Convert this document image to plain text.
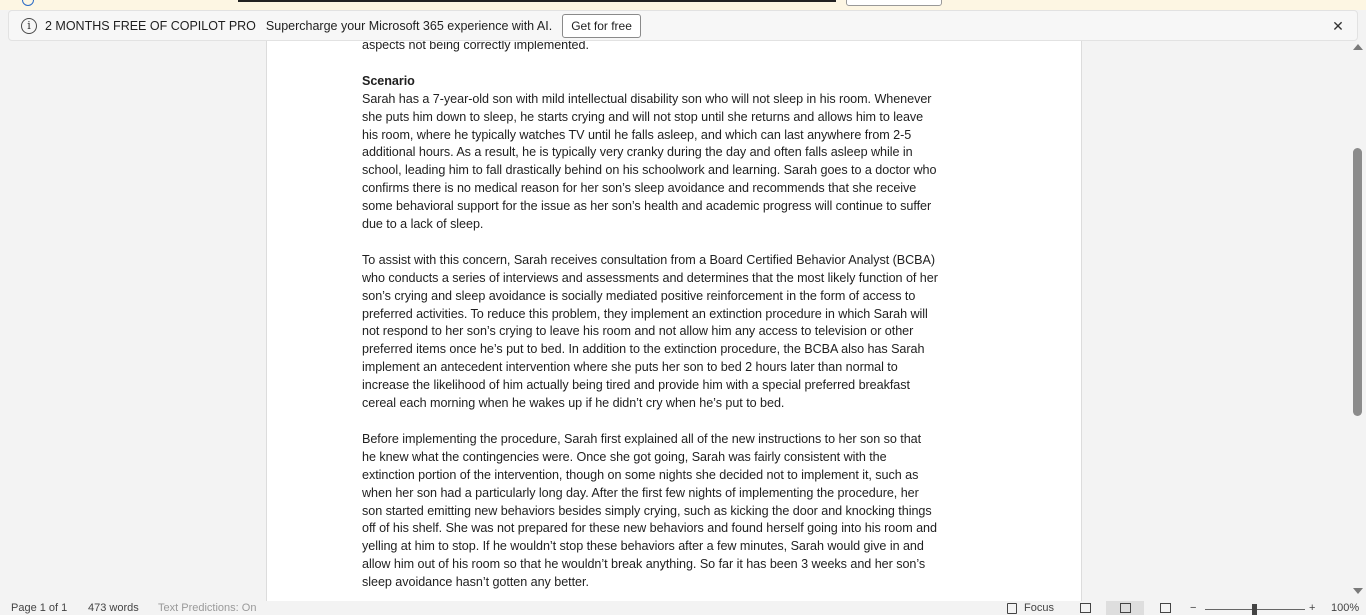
i	2 MONTHS FREE OF COPILOT PRO Supercharge your Microsoft 365 experience with AI.	Get for free	✕

aspects not being correctly implemented.

Scenario

Sarah has a 7-year-old son with mild intellectual disability son who will not sleep in his room. Whenever
she puts him down to sleep, he starts crying and will not stop until she returns and allows him to leave
his room, where he typically watches TV until he falls asleep, and which can last anywhere from 2-5
additional hours. As a result, he is typically very cranky during the day and often falls asleep while in
school, leading him to fall drastically behind on his schoolwork and learning. Sarah goes to a doctor who
confirms there is no medical reason for her son’s sleep avoidance and recommends that she receive
some behavioral support for the issue as her son’s health and academic progress will continue to suffer
due to a lack of sleep.

To assist with this concern, Sarah receives consultation from a Board Certified Behavior Analyst (BCBA)
who conducts a series of interviews and assessments and determines that the most likely function of her
son’s crying and sleep avoidance is socially mediated positive reinforcement in the form of access to
preferred activities. To reduce this problem, they implement an extinction procedure in which Sarah will
not respond to her son’s crying to leave his room and not allow him any access to television or other
preferred items once he’s put to bed. In addition to the extinction procedure, the BCBA also has Sarah
implement an antecedent intervention where she puts her son to bed 2 hours later than normal to
increase the likelihood of him actually being tired and provide him with a special preferred breakfast
cereal each morning when he wakes up if he didn’t cry when he’s put to bed.

Before implementing the procedure, Sarah first explained all of the new instructions to her son so that
he knew what the contingencies were. Once she got going, Sarah was fairly consistent with the
extinction portion of the intervention, though on some nights she decided not to implement it, such as
when her son had a particularly long day. After the first few nights of implementing the procedure, her
son started emitting new behaviors besides simply crying, such as kicking the door and knocking things
off of his shelf. She was not prepared for these new behaviors and found herself going into his room and
yelling at him to stop. If he wouldn’t stop these behaviors after a few minutes, Sarah would give in and
allow him out of his room so that he wouldn’t break anything. So far it has been 3 weeks and her son’s
sleep avoidance hasn’t gotten any better.

Page 1 of 1 473 words Text Predictions: On	Focus	−	+ 100%
